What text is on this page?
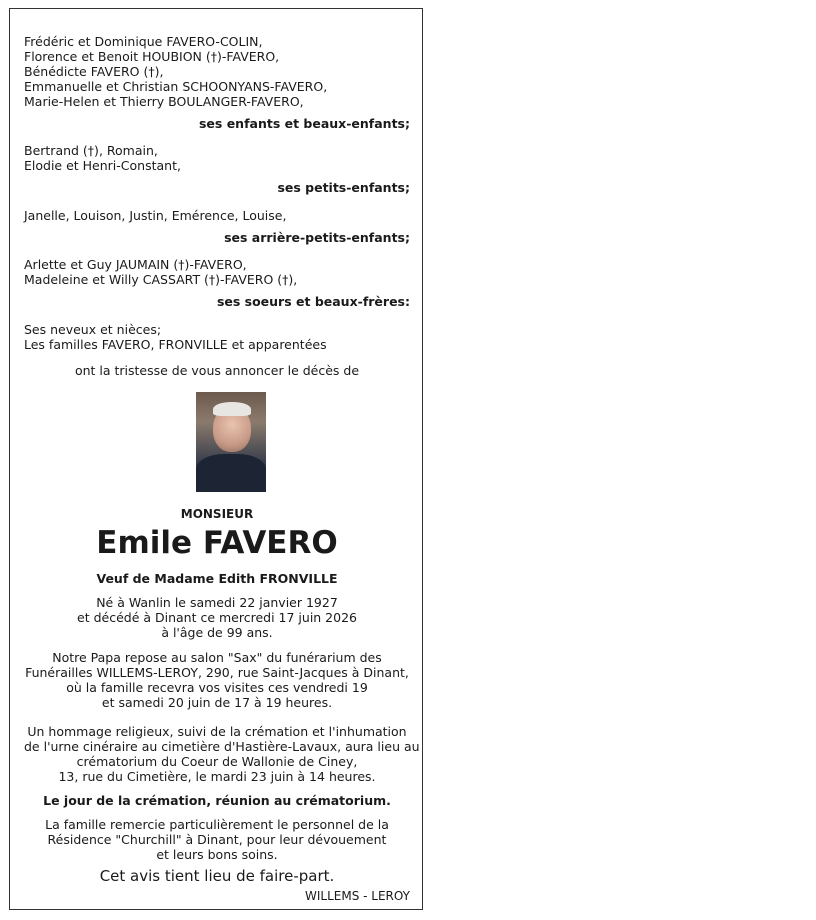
Frédéric et Dominique FAVERO-COLIN,
Florence et Benoit HOUBION (†)-FAVERO,
Bénédicte FAVERO (†),
Emmanuelle et Christian SCHOONYANS-FAVERO,
Marie-Helen et Thierry BOULANGER-FAVERO,
ses enfants et beaux-enfants;
Bertrand (†), Romain,
Elodie et Henri-Constant,
ses petits-enfants;
Janelle, Louison, Justin, Emérence, Louise,
ses arrière-petits-enfants;
Arlette et Guy JAUMAIN (†)-FAVERO,
Madeleine et Willy CASSART (†)-FAVERO (†),
ses soeurs et beaux-frères:
Ses neveux et nièces;
Les familles FAVERO, FRONVILLE et apparentées
ont la tristesse de vous annoncer le décès de
MONSIEUR
Emile FAVERO
Veuf de Madame Edith FRONVILLE
Né à Wanlin le samedi 22 janvier 1927
et décédé à Dinant ce mercredi 17 juin 2026
à l'âge de 99 ans.
Notre Papa repose au salon "Sax" du funérarium des
Funérailles WILLEMS-LEROY, 290, rue Saint-Jacques à Dinant,
où la famille recevra vos visites ces vendredi 19
et samedi 20 juin de 17 à 19 heures.
Un hommage religieux, suivi de la crémation et l'inhumation
de l'urne cinéraire au cimetière d'Hastière-Lavaux, aura lieu au
crématorium du Coeur de Wallonie de Ciney,
13, rue du Cimetière, le mardi 23 juin à 14 heures.
Le jour de la crémation, réunion au crématorium.
La famille remercie particulièrement le personnel de la
Résidence "Churchill" à Dinant, pour leur dévouement
et leurs bons soins.
Cet avis tient lieu de faire-part.
WILLEMS - LEROY
